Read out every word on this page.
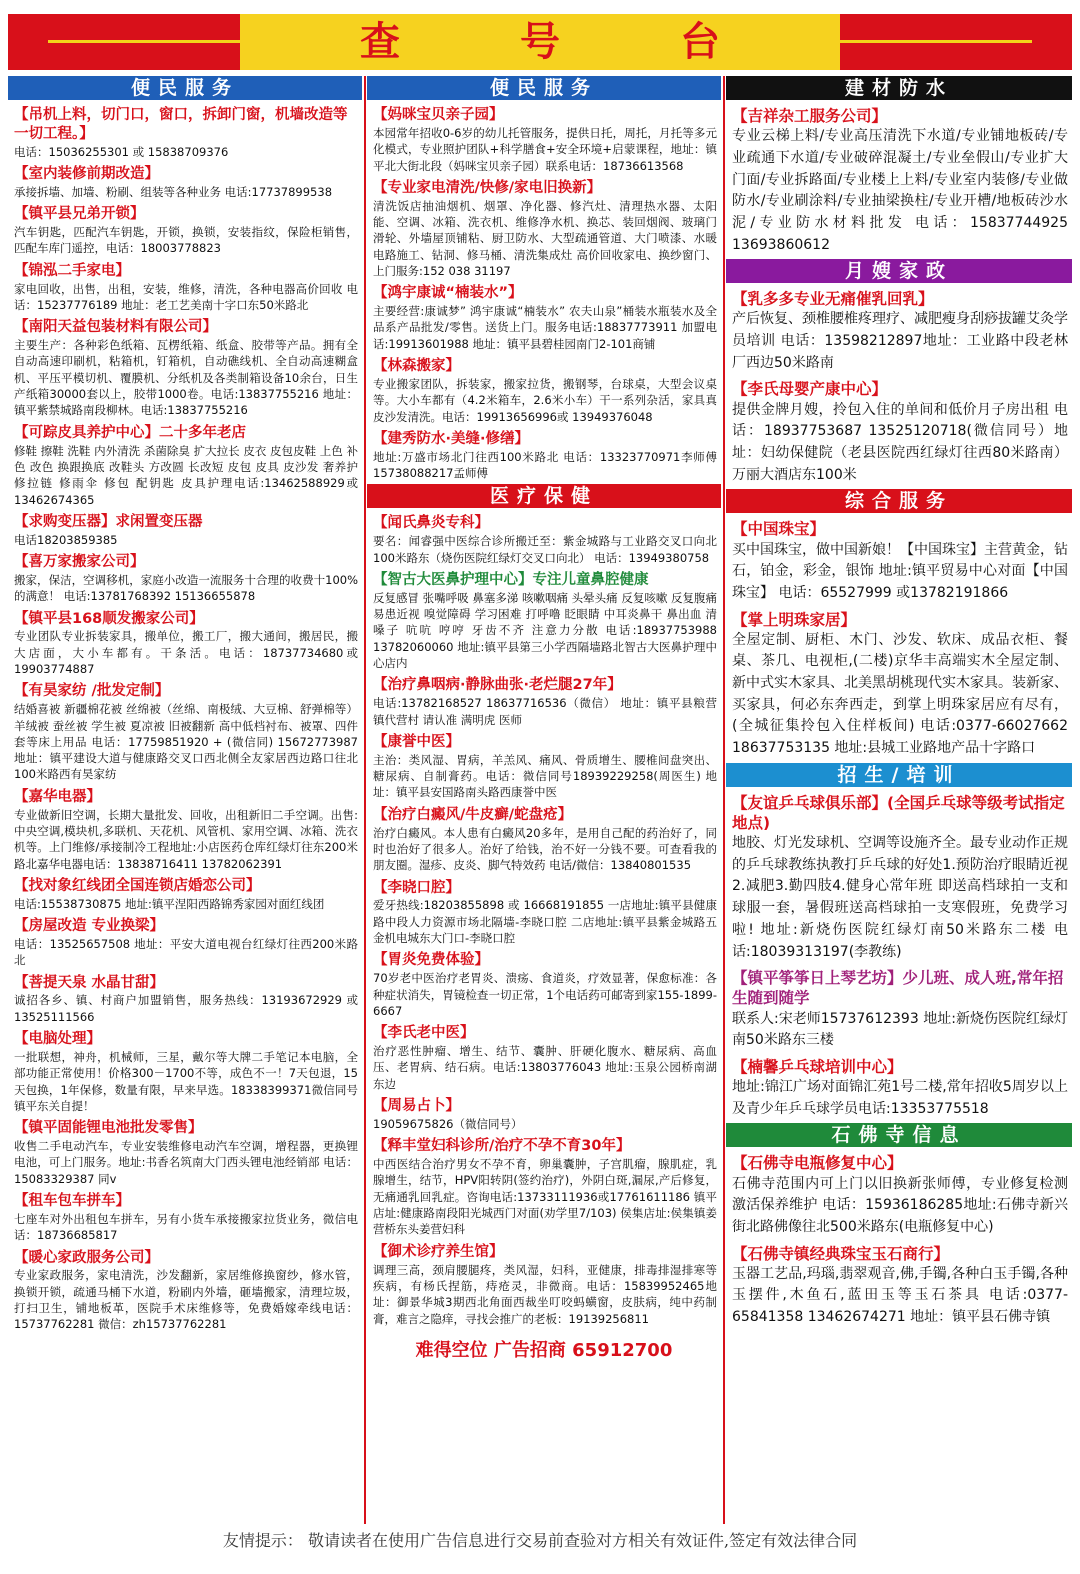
查号台
便民服务
【吊机上料，切门口，窗口，拆卸门窗，机墙改造等一切工程。】
电话：15036255301 或 15838709376
【室内装修前期改造】
承接拆墙、加墙、粉刷、组装等各种业务 电话:17737899538
【镇平县兄弟开锁】
汽车钥匙，匹配汽车钥匙，开锁，换锁，安装指纹，保险柜销售，匹配车库门遥控，电话：18003778823
【锦泓二手家电】
家电回收，出售，出租，安装，维修，清洗，各种电器高价回收 电话：15237776189 地址：老工艺美南十字口东50米路北
【南阳天益包装材料有限公司】
主要生产：各种彩色纸箱、瓦楞纸箱、纸盒、胶带等产品。拥有全自动高速印刷机，粘箱机，钉箱机，自动礁线机、全自动高速糊盒机、平压平模切机、覆膜机、分纸机及各类制箱设备10余台，日生产纸箱30000套以上，胶带1000卷。电话:13837755216 地址：镇平紫禁城路南段柳林。电话:13837755216
【可踪皮具养护中心】二十多年老店
修鞋 擦鞋 洗鞋 内外清洗 杀菌除臭 扩大拉长 皮衣 皮包皮鞋 上色 补色 改色 换跟换底 改鞋头 方改圆 长改短 皮包 皮具 皮沙发 奢养护 修拉链 修雨伞 修包 配钥匙 皮具护理电话:13462588929或13462674365
【求购变压器】求闲置变压器
电话18203859385
【喜万家搬家公司】
搬家，保洁，空调移机，家庭小改造一流服务十合理的收费十100%的满意！ 电话:13781768392 15136655878
【镇平县168顺发搬家公司】
专业团队专业拆装家具，搬单位，搬工厂，搬大通间，搬居民，搬大店面，大小车都有。干条活。电话：18737734680或19903774887
【有昊家纺 /批发定制】
结婚喜被 新疆棉花被 丝绵被（丝绵、南极绒、大豆棉、舒弹棉等） 羊绒被 蚕丝被 学生被 夏凉被 旧被翻新 高中低档衬布、被罩、四件套等床上用品 电话：17759851920 + (微信同) 15672773987 地址：镇平建设大道与健康路交叉口西北侧全友家居西边路口往北100米路西有昊家纺
【嘉华电器】
专业做新旧空调，长期大量批发、回收，出租新旧二手空调。出售:中央空调,模块机,多联机、天花机、风管机、家用空调、冰箱、洗衣机等。上门维修/承接制冷工程地址:小店医药仓库红绿灯往东200米路北嘉华电器电话：13838716411 13782062391
【找对象红线团全国连锁店婚恋公司】
电话:15538730875 地址:镇平涅阳西路锦秀家园对面红线团
【房屋改造 专业换梁】
电话：13525657508 地址：平安大道电视台红绿灯往西200米路北
【菩提天泉 水晶甘甜】
诚招各乡、镇、村商户加盟销售，服务热线：13193672929 或 13525111566
【电脑处理】
一批联想，神舟，机械师，三星，戴尔等大牌二手笔记本电脑，全部功能正常使用！价格300－1700不等，成色不一！7天包退，15天包换，1年保修，数量有限，早来早选。18338399371微信同号镇平东关自提！
【镇平固能锂电池批发零售】
收售二手电动汽车，专业安装维修电动汽车空调，增程器，更换锂电池，可上门服务。地址:书香名筑南大门西头锂电池经销部 电话：15083329387 同v
【租车包车拼车】
七座车对外出租包车拼车，另有小货车承接搬家拉货业务，微信电话：18736685817
【暖心家政服务公司】
专业家政服务，家电清洗，沙发翻新，家居维修换窗纱，修水管，换锁开锁，疏通马桶下水道，粉刷内外墙，砸墙搬家，清理垃圾，打扫卫生，铺地板革，医院手术床维修等，免费婚嫁牵线电话：15737762281 微信：zh15737762281
便民服务
【妈咪宝贝亲子园】
本园常年招收0-6岁的幼儿托管服务，提供日托，周托，月托等多元化模式，专业照护团队+科学膳食+安全环境+启蒙课程，地址：镇平北大街北段（妈咪宝贝亲子园）联系电话：18736613568
【专业家电清洗/快修/家电旧换新】
清洗饭店抽油烟机、烟罩、净化器、修汽灶、清理热水器、太阳能、空调、冰箱、洗衣机、维修净水机、换芯、装回烟阀、玻璃门滑轮、外墙屋顶铺粘、厨卫防水、大型疏通管道、大门喷漆、水暖电路施工、钻洞、修马桶、清洗集成灶 高价回收家电、换纱窗门、上门服务:152 038 31197
【鸿宇康诚“楠装水”】
主要经营:康诚梦” 鸿宇康诚“楠装水” 农夫山泉”桶装水瓶装水及全品系产品批发/零售。送货上门。服务电话:18837773911 加盟电话:19913601988 地址：镇平县碧桂园南门2-101商铺
【林森搬家】
专业搬家团队，拆装家，搬家拉货，搬钢琴，台球桌，大型会议桌等。大小车都有（4.2米箱车，2.6米小车）干一系列杂活，家具真皮沙发清洗。电话：19913656996或 13949376048
【建秀防水·美缝·修缮】
地址:万盛市场北门往西100米路北 电话：13323770971李师傅 15738088217孟师傅
医疗保健
【闻氏鼻炎专科】
要名：闻睿强中医综合诊所搬迁至：紫金城路与工业路交叉口向北100米路东（烧伤医院红绿灯交叉口向北） 电话：13949380758
【智古大医鼻护理中心】专注儿童鼻腔健康
反复感冒 张嘴呼吸 鼻塞多涕 咳嗽咽痛 头晕头痛 反复咳嗽 反复腹痛 易患近视 嗅觉障碍 学习困难 打呼噜 眨眼睛 中耳炎鼻干 鼻出血 清嗓子 吭吭 哼哼 牙齿不齐 注意力分散 电话:18937753988 13782060060 地址:镇平县第三小学西隔墙路北智古大医鼻护理中心店内
【治疗鼻咽病·静脉曲张·老烂腿27年】
电话:13782168527 18637716536（微信） 地址：镇平县粮营镇代营村 请认准 满明虎 医师
【康誉中医】
主治：类风湿、胃病，羊羔风、痛风、骨质增生、腰椎间盘突出、糖尿病、自制膏药。电话：微信同号18939229258(周医生) 地址：镇平县安国路南头路西康誉中医
【治疗白癜风/牛皮癣/蛇盘疮】
治疗白癜风。本人患有白癜风20多年，是用自己配的药治好了，同时也治好了很多人。治好了给钱，治不好一分钱不要。可查看我的朋友圈。湿疹、皮炎、脚气特效药 电话/微信：13840801535
【李晓口腔】
爱牙热线:18203855898 或 16668191855 一店地址:镇平县健康路中段人力资源市场北隔墙-李晓口腔 二店地址:镇平县紫金城路五金机电城东大门口-李晓口腔
【胃炎免费体验】
70岁老中医治疗老胃炎、溃疡、食道炎，疗效显著，保愈标准：各种症状消失，胃镜检查一切正常，1个电话药可邮寄到家155-1899-6667
【李氏老中医】
治疗恶性肿瘤、增生、结节、囊肿、肝硬化腹水、糖尿病、高血压、老胃病、结石病。电话:13803776043 地址:玉泉公园桥南湖东边
【周易占卜】
19059675826（微信同号）
【释丰堂妇科诊所/治疗不孕不育30年】
中西医结合治疗男女不孕不育，卵巢囊肿，子宫肌瘤，腺肌症，乳腺增生，结节，HPV阳转阴(签约治疗)，外阴白斑,漏尿,产后修复，无痛通乳回乳症。咨询电话:13733111936或17761611186 镇平店址:健康路南段阳光城西门对面(劝学里7/103) 侯集店址:侯集镇姜营桥东头姜营妇科
【御术诊疗养生馆】
调理三高，颈肩腰腿疼，类风湿，妇科，亚健康，排毒排湿排寒等疾病，有杨氏捏筋，痔疮灵，非微商。电话：15839952465地址：御景华城3期西北角面西裁坐叮咬蚂蟥窗，皮肤病，纯中药制膏，难言之隐痒，寻找会推广的老板：19139256811
难得空位 广告招商 65912700
建材防水
【吉祥杂工服务公司】
专业云梯上料/专业高压清洗下水道/专业铺地板砖/专业疏通下水道/专业破碎混凝土/专业垒假山/专业扩大门面/专业拆路面/专业楼上上料/专业室内装修/专业做防水/专业刷涂料/专业抽梁换柱/专业开槽/地板砖沙水泥/专业防水材料批发 电话：15837744925 13693860612
月嫂家政
【乳多多专业无痛催乳回乳】
产后恢复、颈椎腰椎疼理疗、减肥瘦身刮痧拔罐艾灸学员培训 电话：13598212897地址：工业路中段老林厂西边50米路南
【李氏母婴产康中心】
提供金牌月嫂，拎包入住的单间和低价月子房出租 电话：18937753687 13525120718(微信同号）地址：妇幼保健院（老县医院西红绿灯往西80米路南）万丽大酒店东100米
综合服务
【中国珠宝】
买中国珠宝，做中国新娘！【中国珠宝】主营黄金，钻石，铂金，彩金，银饰 地址:镇平贸易中心对面【中国珠宝】 电话：65527999 或13782191866
【掌上明珠家居】
全屋定制、厨柜、木门、沙发、软床、成品衣柜、餐桌、茶几、电视柜,(二楼)京华丰高端实木全屋定制、新中式实木家具、北美黑胡桃现代实木家具。装新家、买家具，何必东奔西走，到掌上明珠家居应有尽有，(全城征集拎包入住样板间) 电话:0377-66027662 18637753135 地址:县城工业路地产品十字路口
招生/培训
【友谊乒乓球俱乐部】(全国乒乓球等级考试指定地点)
地胶、灯光发球机、空调等设施齐全。最专业动作正规的乒乓球教练执教打乒乓球的好处1.预防治疗眼睛近视2.减肥3.勤四肢4.健身心常年班 即送高档球拍一支和球服一套，暑假班送高档球拍一支寒假班，免费学习啦! 地址:新烧伤医院红绿灯南50米路东二楼 电话:18039313197(李教练)
【镇平筝筝日上琴艺坊】少儿班、成人班,常年招生随到随学
联系人:宋老师15737612393 地址:新烧伤医院红绿灯南50米路东三楼
【楠馨乒乓球培训中心】
地址:锦江广场对面锦汇苑1号二楼,常年招收5周岁以上及青少年乒乓球学员电话:13353775518
石佛寺信息
【石佛寺电瓶修复中心】
石佛寺范围内可上门以旧换新张师傅，专业修复检测 激活保养维护 电话：15936186285地址:石佛寺新兴街北路佛像往北500米路东(电瓶修复中心)
【石佛寺镇经典珠宝玉石商行】
玉器工艺品,玛瑙,翡翠观音,佛,手镯,各种白玉手镯,各种玉摆件,木鱼石,蓝田玉等玉石茶具 电话:0377-65841358 13462674271 地址：镇平县石佛寺镇
友情提示： 敬请读者在使用广告信息进行交易前查验对方相关有效证件,签定有效法律合同
